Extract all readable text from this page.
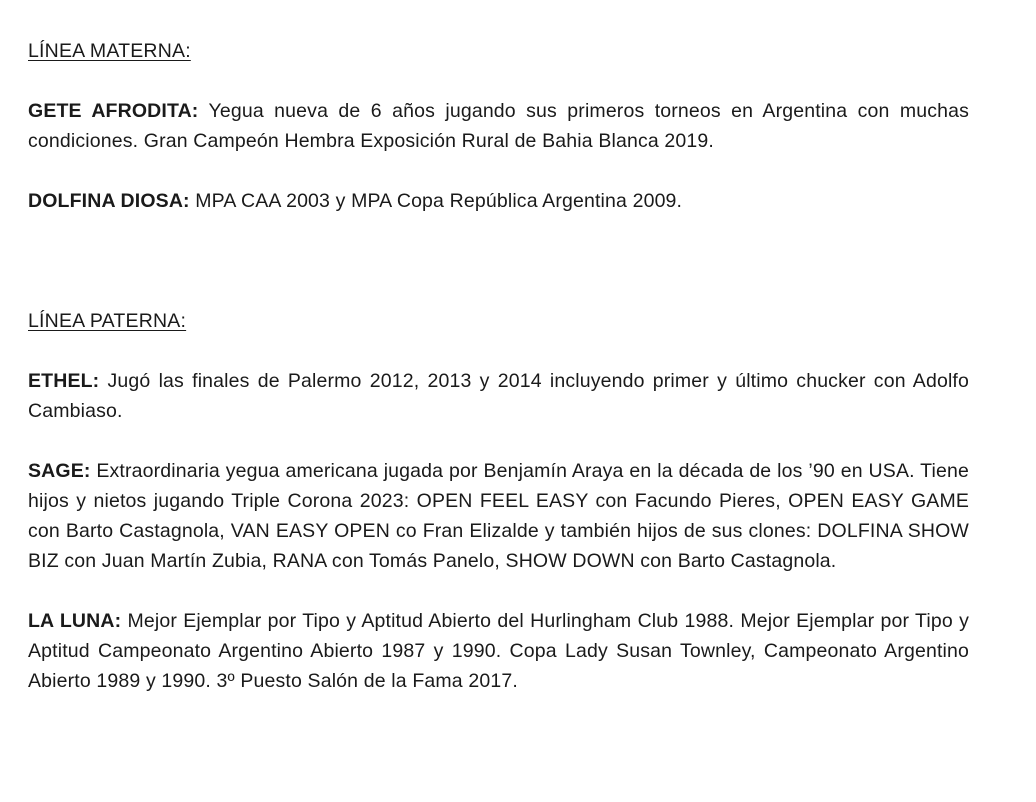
LÍNEA MATERNA:

GETE AFRODITA: Yegua nueva de 6 años jugando sus primeros torneos en Argentina con muchas condiciones. Gran Campeón Hembra Exposición Rural de Bahia Blanca 2019.

DOLFINA DIOSA: MPA CAA 2003 y MPA Copa República Argentina 2009.

LÍNEA PATERNA:

ETHEL: Jugó las finales de Palermo 2012, 2013 y 2014 incluyendo primer y último chucker con Adolfo Cambiaso.

SAGE: Extraordinaria yegua americana jugada por Benjamín Araya en la década de los ’90 en USA. Tiene hijos y nietos jugando Triple Corona 2023: OPEN FEEL EASY con Facundo Pieres, OPEN EASY GAME con Barto Castagnola, VAN EASY OPEN co Fran Elizalde y también hijos de sus clones: DOLFINA SHOW BIZ con Juan Martín Zubia, RANA con Tomás Panelo, SHOW DOWN con Barto Castagnola.

LA LUNA: Mejor Ejemplar por Tipo y Aptitud Abierto del Hurlingham Club 1988. Mejor Ejemplar por Tipo y Aptitud Campeonato Argentino Abierto 1987 y 1990. Copa Lady Susan Townley, Campeonato Argentino Abierto 1989 y 1990. 3º Puesto Salón de la Fama 2017.
